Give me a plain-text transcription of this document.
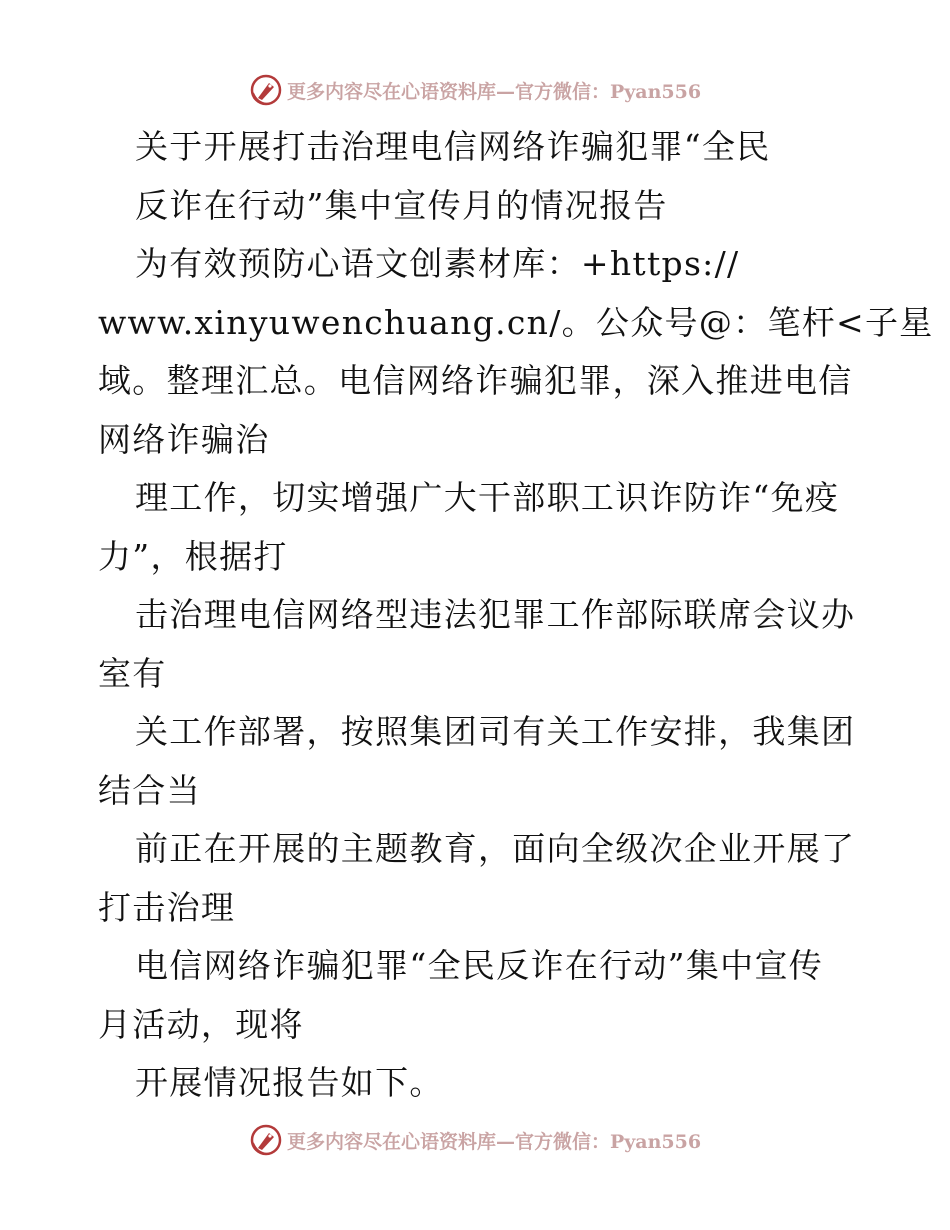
更多内容尽在心语资料库—官方微信：Pyan556
关于开展打击治理电信网络诈骗犯罪“全民
反诈在行动”集中宣传月的情况报告
为有效预防心语文创素材库：+https://
www.xinyuwenchuang.cn/。公众号@：笔杆<子星
域。整理汇总。电信网络诈骗犯罪，深入推进电信
网络诈骗治
理工作，切实增强广大干部职工识诈防诈“免疫
力”，根据打
击治理电信网络型违法犯罪工作部际联席会议办
室有
关工作部署，按照集团司有关工作安排，我集团
结合当
前正在开展的主题教育，面向全级次企业开展了
打击治理
电信网络诈骗犯罪“全民反诈在行动”集中宣传
月活动，现将
开展情况报告如下。
更多内容尽在心语资料库—官方微信：Pyan556
